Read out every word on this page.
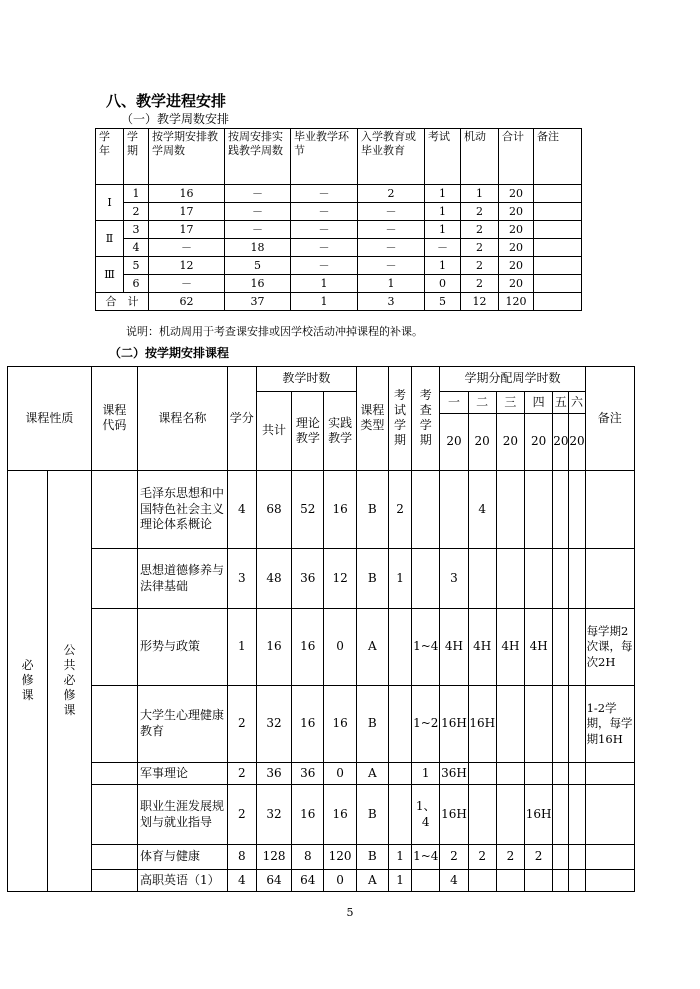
八、教学进程安排
（一）教学周数安排
学年	学期	按学期安排教学周数	按周安排实践教学周数	毕业教学环节	入学教育或毕业教育	考试	机动	合计	备注
Ⅰ	1	16	－	－	2	1	1	20	
	2	17	－	－	－	1	2	20	
Ⅱ	3	17	－	－	－	1	2	20	
	4	－	18	－	－	－	2	20	
Ⅲ	5	12	5	－	－	1	2	20	
	6	－	16	1	1	0	2	20	
合　计		62	37	1	3	5	12	120	
说明：机动周用于考查课安排或因学校活动冲掉课程的补课。
（二）按学期安排课程
课程性质		课程代码	课程名称	学分	教学时数			课程类型	考试学期	考查学期	学期分配周学时数						备注
					共计	理论教学	实践教学				一	二	三	四	五	六	
											20	20	20	20	20	20	
必修课	公共必修课		毛泽东思想和中国特色社会主义理论体系概论	4	68	52	16	B	2			4					
			思想道德修养与法律基础	3	48	36	12	B	1		3						
			形势与政策	1	16	16	0	A		1~4	4H	4H	4H	4H			每学期2次课，每次2H
			大学生心理健康教育	2	32	16	16	B		1~2	16H	16H					1-2学期，每学期16H
			军事理论	2	36	36	0	A		1	36H						
			职业生涯发展规划与就业指导	2	32	16	16	B		1、4	16H			16H			
			体育与健康	8	128	8	120	B	1	1~4	2	2	2	2			
			高职英语（1）	4	64	64	0	A	1		4						
5
